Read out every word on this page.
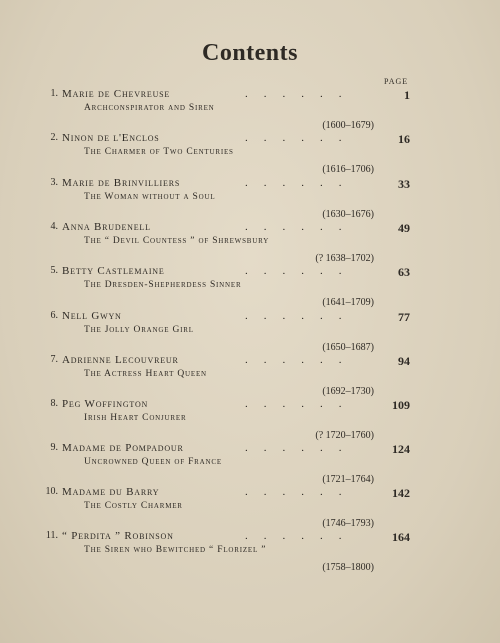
Contents
PAGE
1. Marie de Chevreuse	......	1
Archconspirator and Siren
(1600–1679)
2. Ninon de l'Enclos	......	16
The Charmer of Two Centuries
(1616–1706)
3. Marie de Brinvilliers	......	33
The Woman without a Soul
(1630–1676)
4. Anna Brudenell	......	49
The “ Devil Countess ” of Shrewsbury
(? 1638–1702)
5. Betty Castlemaine	......	63
The Dresden-Shepherdess Sinner
(1641–1709)
6. Nell Gwyn	......	77
The Jolly Orange Girl
(1650–1687)
7. Adrienne Lecouvreur	......	94
The Actress Heart Queen
(1692–1730)
8. Peg Woffington	......	109
Irish Heart Conjurer
(? 1720–1760)
9. Madame de Pompadour	......	124
Uncrowned Queen of France
(1721–1764)
10. Madame du Barry	......	142
The Costly Charmer
(1746–1793)
11. “ Perdita ” Robinson	......	164
The Siren who Bewitched “ Florizel ”
(1758–1800)
